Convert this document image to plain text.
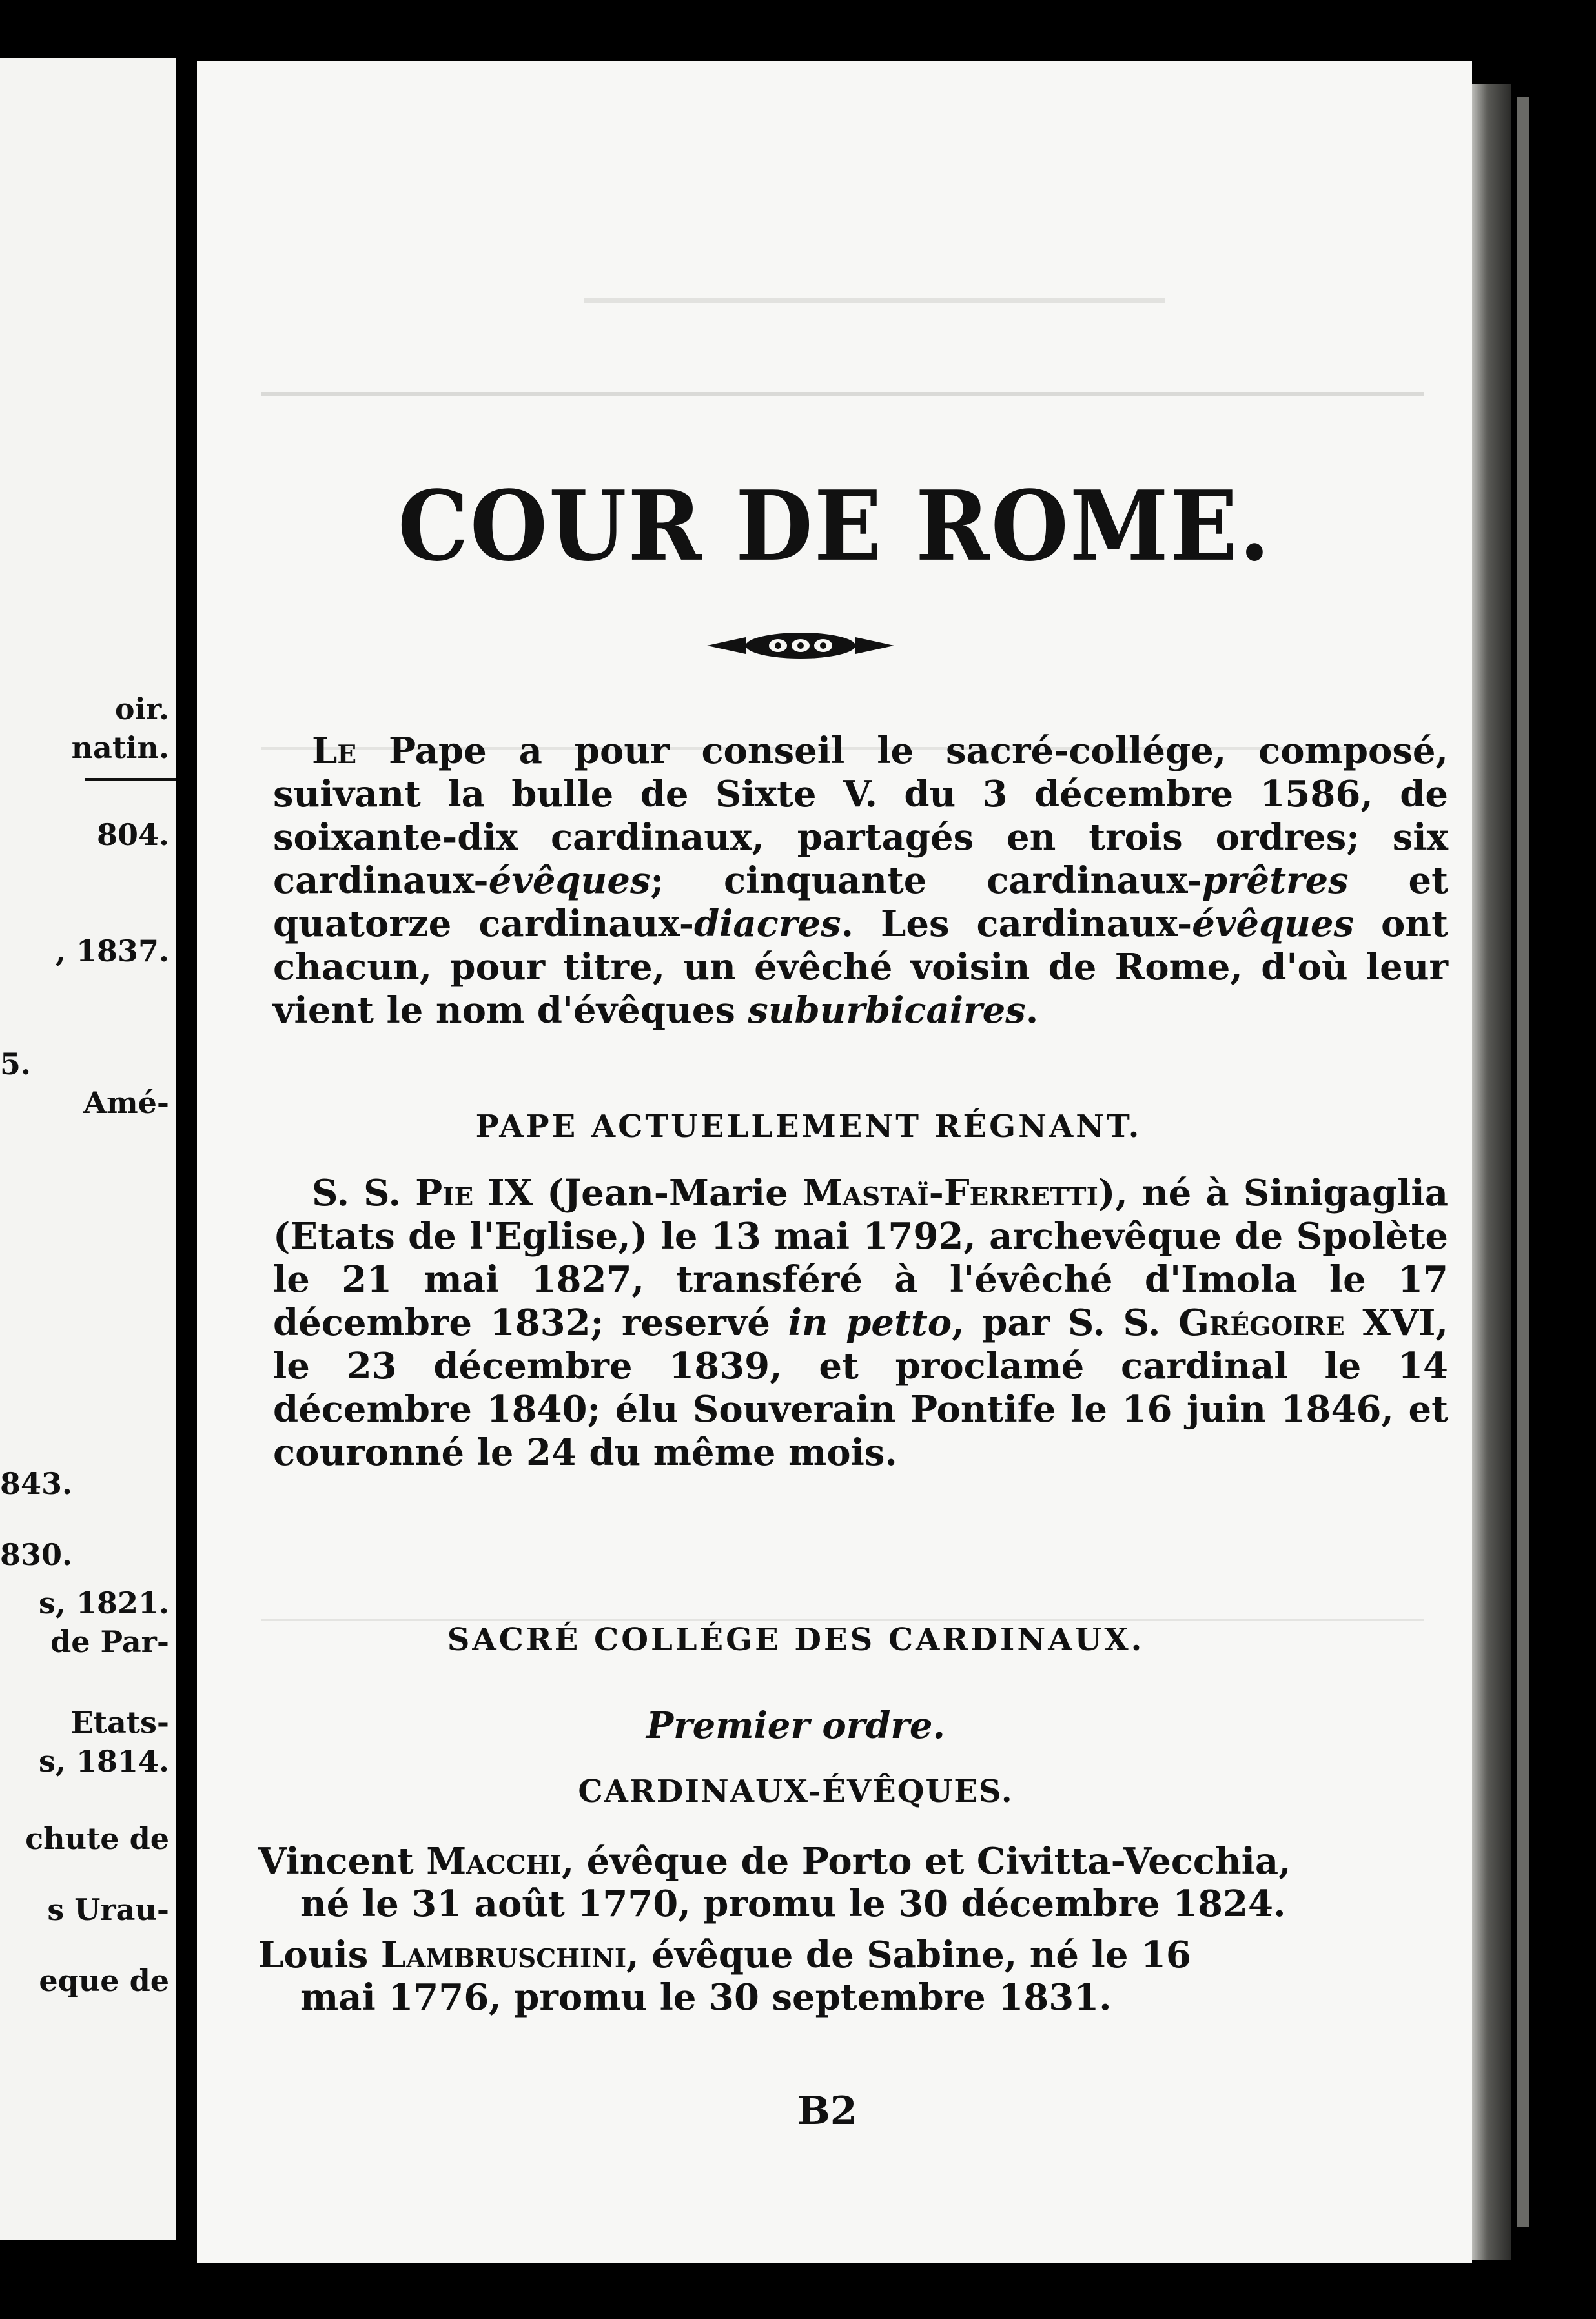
oir.
natin.
804.
, 1837.
5.
Amé-
843.
830.
s, 1821.
de Par-
Etats-
s, 1814.
chute de
s Urau-
eque de
COUR DE ROME.
Le Pape a pour conseil le sacré-collége, composé, suivant la bulle de Sixte V. du 3 décembre 1586, de soixante-dix cardinaux, partagés en trois ordres; six cardinaux-évêques; cinquante cardinaux-prêtres et quatorze cardinaux-diacres. Les cardinaux-évêques ont chacun, pour titre, un évêché voisin de Rome, d'où leur vient le nom d'évêques suburbicaires.
PAPE ACTUELLEMENT RÉGNANT.
S. S. Pie IX (Jean-Marie Mastaï-Ferretti), né à Sinigaglia (Etats de l'Eglise,) le 13 mai 1792, archevêque de Spolète le 21 mai 1827, transféré à l'évêché d'Imola le 17 décembre 1832; reservé in petto, par S. S. Grégoire XVI, le 23 décembre 1839, et proclamé cardinal le 14 décembre 1840; élu Souverain Pontife le 16 juin 1846, et couronné le 24 du même mois.
SACRÉ COLLÉGE DES CARDINAUX.
Premier ordre.
CARDINAUX-ÉVÊQUES.
Vincent Macchi, évêque de Porto et Civitta-Vecchia,
né le 31 août 1770, promu le 30 décembre 1824.
Louis Lambruschini, évêque de Sabine, né le 16
mai 1776, promu le 30 septembre 1831.
B2
